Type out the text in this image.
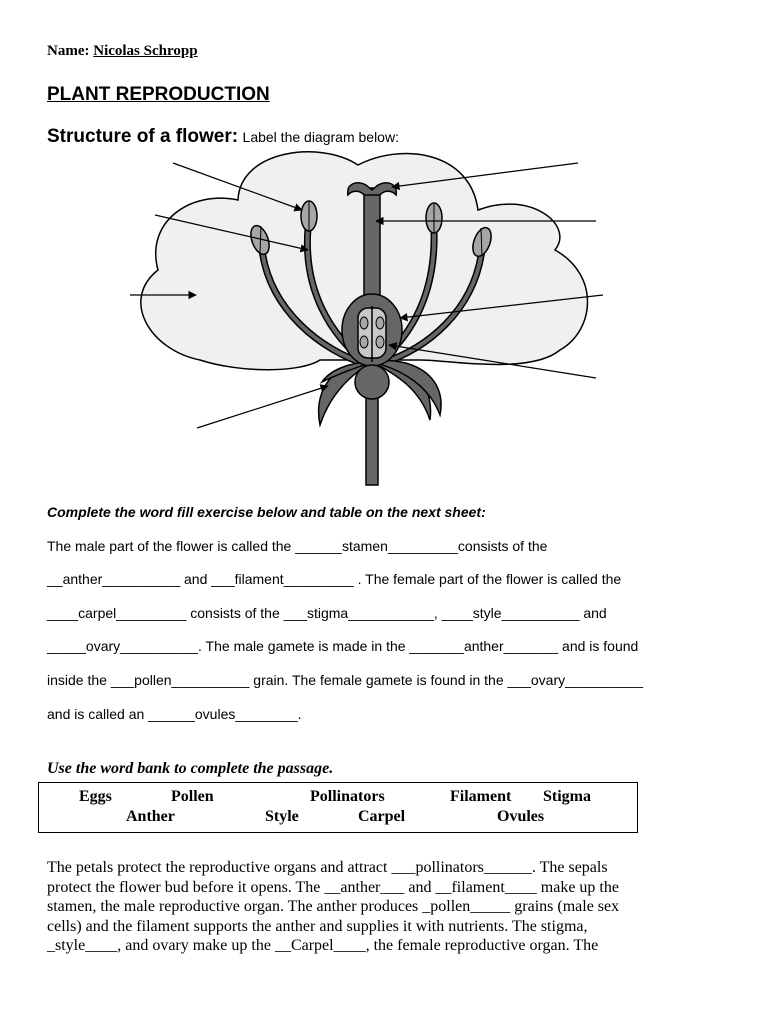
Name: Nicolas Schropp
PLANT REPRODUCTION
Structure of a flower: Label the diagram below:
Complete the word fill exercise below and table on the next sheet:
The male part of the flower is called the ______stamen_________consists of the
__anther__________ and ___filament_________ . The female part of the flower is called the
____carpel_________ consists of the ___stigma___________, ____style__________ and
_____ovary__________. The male gamete is made in the _______anther_______ and is found
inside the ___pollen__________ grain. The female gamete is found in the ___ovary__________
and is called an ______ovules________.
Use the word bank to complete the passage.
Eggs	Pollen	Pollinators	Filament Stigma
Anther	Style	Carpel	Ovules
The petals protect the reproductive organs and attract ___pollinators______. The sepals
protect the flower bud before it opens. The __anther___ and __filament____ make up the
stamen, the male reproductive organ. The anther produces _pollen_____ grains (male sex
cells) and the filament supports the anther and supplies it with nutrients. The stigma,
_style____, and ovary make up the __Carpel____, the female reproductive organ. The
